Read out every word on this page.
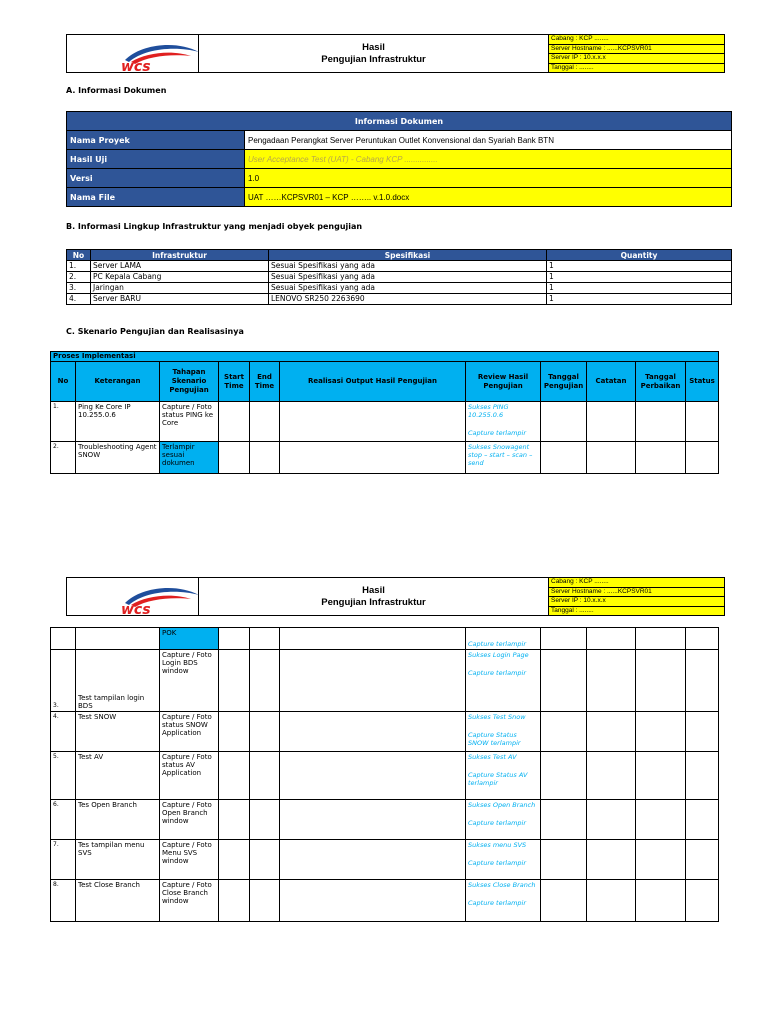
wcs
Hasil
Pengujian Infrastruktur
Cabang : KCP ........
Server Hostname : ......KCPSVR01
Server IP : 10.x.x.x
Tanggal : ........
A. Informasi Dokumen
Informasi Dokumen	
Nama Proyek	Pengadaan Perangkat Server Peruntukan Outlet Konvensional dan Syariah Bank BTN
Hasil Uji	User Acceptance Test (UAT) - Cabang KCP ...............
Versi	1.0
Nama File	UAT ……KCPSVR01 – KCP …….. v.1.0.docx
B. Informasi Lingkup Infrastruktur yang menjadi obyek pengujian
No	Infrastruktur	Spesifikasi	Quantity
1.	Server LAMA	Sesuai Spesifikasi yang ada	1
2.	PC Kepala Cabang	Sesuai Spesifikasi yang ada	1
3.	Jaringan	Sesuai Spesifikasi yang ada	1
4.	Server BARU	LENOVO SR250 2263690	1
C. Skenario Pengujian dan Realisasinya
Proses Implementasi										
No	Keterangan	Tahapan Skenario Pengujian	Start Time	End Time	Realisasi Output Hasil Pengujian	Review Hasil Pengujian	Tanggal Pengujian	Catatan	Tanggal Perbaikan	Status
1.	Ping Ke Core IP 10.255.0.6	Capture / Foto status PING ke Core				Sukses PING 10.255.0.6

Capture terlampir				

2.	Troubleshooting Agent SNOW	Terlampir sesuai dokumen				Sukses Snowagent stop – start – scan – send				

wcs
Hasil
Pengujian Infrastruktur
Cabang : KCP ........
Server Hostname : ......KCPSVR01
Server IP : 10.x.x.x
Tanggal : ........
		POK				Capture terlampir				
3.	Test tampilan login BDS	Capture / Foto Login BDS window				Sukses Login Page

Capture terlampir				

4.	Test SNOW	Capture / Foto status SNOW Application				Sukses Test Snow

Capture Status SNOW terlampir				

5.	Test AV	Capture / Foto status AV Application				Sukses Test AV

Capture Status AV terlampir				

6.	Tes Open Branch	Capture / Foto Open Branch window				Sukses Open Branch

Capture terlampir				

7.	Tes tampilan menu SVS	Capture / Foto Menu SVS window				Sukses menu SVS

Capture terlampir				

8.	Test Close Branch	Capture / Foto Close Branch window				Sukses Close Branch

Capture terlampir				
